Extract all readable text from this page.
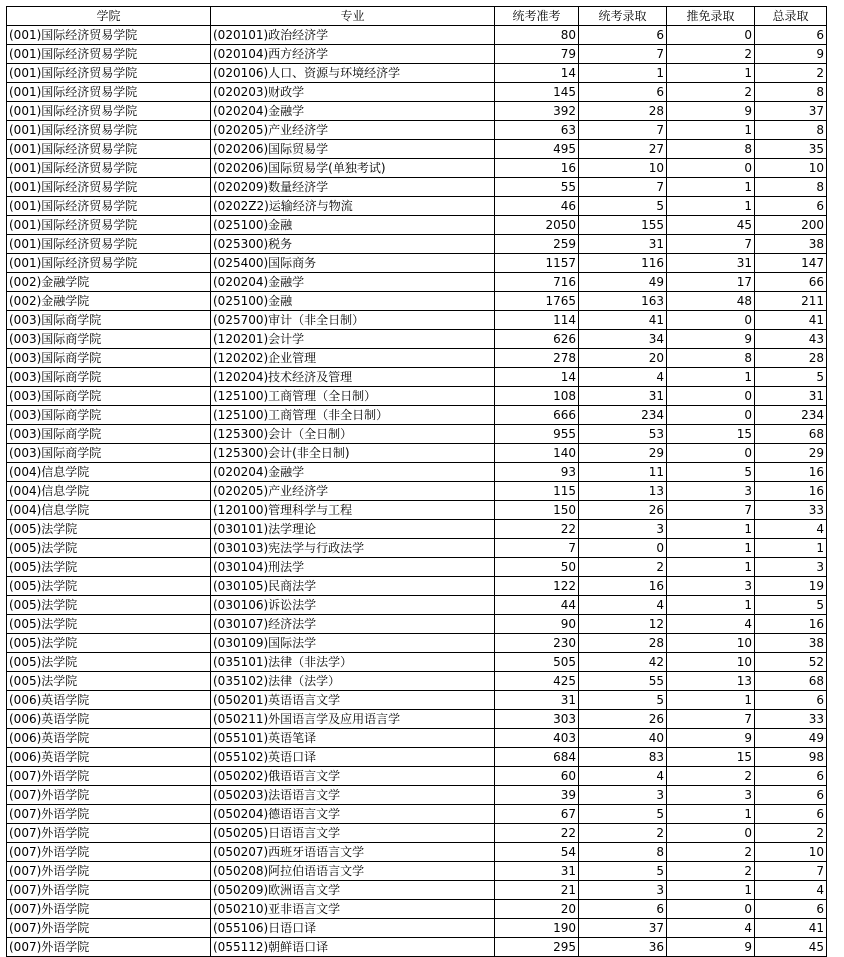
学院	专业	统考准考	统考录取	推免录取	总录取
(001)国际经济贸易学院	(020101)政治经济学	80	6	0	6
(001)国际经济贸易学院	(020104)西方经济学	79	7	2	9
(001)国际经济贸易学院	(020106)人口、资源与环境经济学	14	1	1	2
(001)国际经济贸易学院	(020203)财政学	145	6	2	8
(001)国际经济贸易学院	(020204)金融学	392	28	9	37
(001)国际经济贸易学院	(020205)产业经济学	63	7	1	8
(001)国际经济贸易学院	(020206)国际贸易学	495	27	8	35
(001)国际经济贸易学院	(020206)国际贸易学(单独考试)	16	10	0	10
(001)国际经济贸易学院	(020209)数量经济学	55	7	1	8
(001)国际经济贸易学院	(0202Z2)运输经济与物流	46	5	1	6
(001)国际经济贸易学院	(025100)金融	2050	155	45	200
(001)国际经济贸易学院	(025300)税务	259	31	7	38
(001)国际经济贸易学院	(025400)国际商务	1157	116	31	147
(002)金融学院	(020204)金融学	716	49	17	66
(002)金融学院	(025100)金融	1765	163	48	211
(003)国际商学院	(025700)审计（非全日制）	114	41	0	41
(003)国际商学院	(120201)会计学	626	34	9	43
(003)国际商学院	(120202)企业管理	278	20	8	28
(003)国际商学院	(120204)技术经济及管理	14	4	1	5
(003)国际商学院	(125100)工商管理（全日制）	108	31	0	31
(003)国际商学院	(125100)工商管理（非全日制）	666	234	0	234
(003)国际商学院	(125300)会计（全日制）	955	53	15	68
(003)国际商学院	(125300)会计(非全日制)	140	29	0	29
(004)信息学院	(020204)金融学	93	11	5	16
(004)信息学院	(020205)产业经济学	115	13	3	16
(004)信息学院	(120100)管理科学与工程	150	26	7	33
(005)法学院	(030101)法学理论	22	3	1	4
(005)法学院	(030103)宪法学与行政法学	7	0	1	1
(005)法学院	(030104)刑法学	50	2	1	3
(005)法学院	(030105)民商法学	122	16	3	19
(005)法学院	(030106)诉讼法学	44	4	1	5
(005)法学院	(030107)经济法学	90	12	4	16
(005)法学院	(030109)国际法学	230	28	10	38
(005)法学院	(035101)法律（非法学）	505	42	10	52
(005)法学院	(035102)法律（法学）	425	55	13	68
(006)英语学院	(050201)英语语言文学	31	5	1	6
(006)英语学院	(050211)外国语言学及应用语言学	303	26	7	33
(006)英语学院	(055101)英语笔译	403	40	9	49
(006)英语学院	(055102)英语口译	684	83	15	98
(007)外语学院	(050202)俄语语言文学	60	4	2	6
(007)外语学院	(050203)法语语言文学	39	3	3	6
(007)外语学院	(050204)德语语言文学	67	5	1	6
(007)外语学院	(050205)日语语言文学	22	2	0	2
(007)外语学院	(050207)西班牙语语言文学	54	8	2	10
(007)外语学院	(050208)阿拉伯语语言文学	31	5	2	7
(007)外语学院	(050209)欧洲语言文学	21	3	1	4
(007)外语学院	(050210)亚非语言文学	20	6	0	6
(007)外语学院	(055106)日语口译	190	37	4	41
(007)外语学院	(055112)朝鲜语口译	295	36	9	45
